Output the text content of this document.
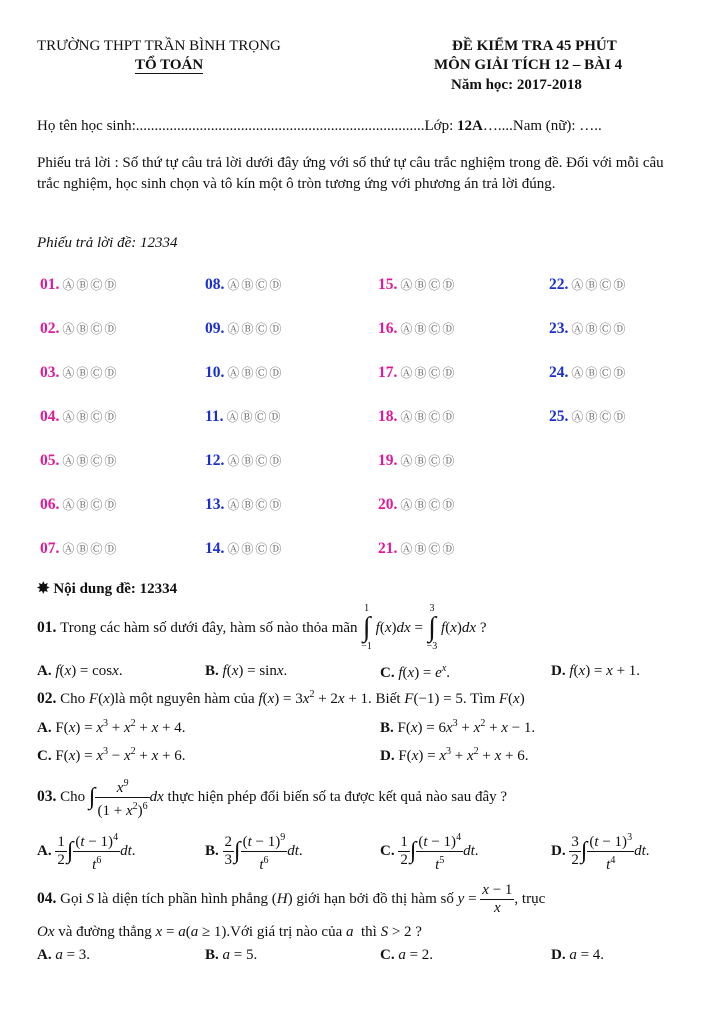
TRƯỜNG THPT TRẦN BÌNH TRỌNG
TỔ TOÁN
ĐỀ KIỂM TRA 45 PHÚT
MÔN GIẢI TÍCH 12 – BÀI 4
Năm học: 2017-2018
Họ tên học sinh:.............................................................................Lớp: 12A…....Nam (nữ): …..
Phiếu trả lời : Số thứ tự câu trả lời dưới đây ứng với số thứ tự câu trắc nghiệm trong đề. Đối với mỗi câu trắc nghiệm, học sinh chọn và tô kín một ô tròn tương ứng với phương án trả lời đúng.
Phiếu trả lời đề: 12334
01. ⒶⒷⒸⒹ
02. ⒶⒷⒸⒹ
03. ⒶⒷⒸⒹ
04. ⒶⒷⒸⒹ
05. ⒶⒷⒸⒹ
06. ⒶⒷⒸⒹ
07. ⒶⒷⒸⒹ
08. ⒶⒷⒸⒹ
09. ⒶⒷⒸⒹ
10. ⒶⒷⒸⒹ
11. ⒶⒷⒸⒹ
12. ⒶⒷⒸⒹ
13. ⒶⒷⒸⒹ
14. ⒶⒷⒸⒹ
15. ⒶⒷⒸⒹ
16. ⒶⒷⒸⒹ
17. ⒶⒷⒸⒹ
18. ⒶⒷⒸⒹ
19. ⒶⒷⒸⒹ
20. ⒶⒷⒸⒹ
21. ⒶⒷⒸⒹ
22. ⒶⒷⒸⒹ
23. ⒶⒷⒸⒹ
24. ⒶⒷⒸⒹ
25. ⒶⒷⒸⒹ
✸ Nội dung đề: 12334
01.
Trong các hàm số dưới đây, hàm số nào thỏa mãn

1
∫
−1
f ( x ) dx =
3
∫
−3
f ( x ) dx ?
A. f(x) = cosx.	B. f(x) = sinx.	C. $f(x) = e^x$.	D. f(x) = x + 1.
02. Cho F(x)là một nguyên hàm của $f(x) = 3x^2 + 2x + 1$. Biết F(−1) = 5. Tìm F(x)
A. $F(x) = x^3 + x^2 + x + 4$.	B. $F(x) = 6x^3 + x^2 + x - 1$.
C. $F(x) = x^3 - x^2 + x + 6$.	D. $F(x) = x^3 + x^2 + x + 6$.
03.
Cho
∫ $\frac{x^9}{(1 + x^2)^6}$ dx
thực hiện phép đổi biến số ta được kết quả nào sau đây ?
A.
$\frac{1}{2}$ ∫ $\frac{(t - 1)^4}{t^6}$ dt .	B.
$\frac{2}{3}$ ∫ $\frac{(t - 1)^9}{t^6}$ dt .	C.
$\frac{1}{2}$ ∫ $\frac{(t - 1)^4}{t^5}$ dt .	D.
$\frac{3}{2}$ ∫ $\frac{(t - 1)^3}{t^4}$ dt .
04.
Gọi
S
là diện tích phần hình phẳng ( H ) giới hạn bởi đồ thị hàm số
$y = \frac{x - 1}{x}$ , trục
Ox và đường thẳng x = a(a ≥ 1).Với giá trị nào của a thì S > 2 ?
A. a = 3.	B. a = 5.	C. a = 2.	D. a = 4.
